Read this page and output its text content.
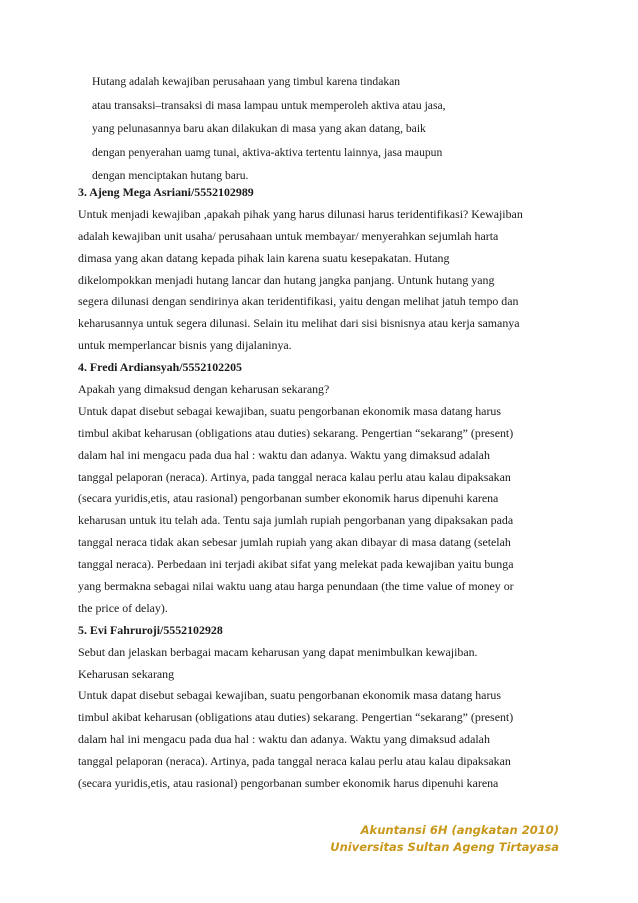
Hutang adalah kewajiban perusahaan yang timbul karena tindakan
atau transaksi–transaksi di masa lampau untuk memperoleh aktiva atau jasa,
yang pelunasannya baru akan dilakukan di masa yang akan datang, baik
dengan penyerahan uamg tunai, aktiva-aktiva tertentu lainnya, jasa maupun
dengan menciptakan hutang baru.
3. Ajeng Mega Asriani/5552102989
Untuk menjadi kewajiban ,apakah pihak yang harus dilunasi harus teridentifikasi? Kewajiban
adalah kewajiban unit usaha/ perusahaan untuk membayar/ menyerahkan sejumlah harta
dimasa yang akan datang kepada pihak lain karena suatu kesepakatan. Hutang
dikelompokkan menjadi hutang lancar dan hutang jangka panjang. Untunk hutang yang
segera dilunasi dengan sendirinya akan teridentifikasi, yaitu dengan melihat jatuh tempo dan
keharusannya untuk segera dilunasi. Selain itu melihat dari sisi bisnisnya atau kerja samanya
untuk memperlancar bisnis yang dijalaninya.
4. Fredi Ardiansyah/5552102205
Apakah yang dimaksud dengan keharusan sekarang?
Untuk dapat disebut sebagai kewajiban, suatu pengorbanan ekonomik masa datang harus
timbul akibat keharusan (obligations atau duties) sekarang. Pengertian “sekarang” (present)
dalam hal ini mengacu pada dua hal : waktu dan adanya. Waktu yang dimaksud adalah
tanggal pelaporan (neraca). Artinya, pada tanggal neraca kalau perlu atau kalau dipaksakan
(secara yuridis,etis, atau rasional) pengorbanan sumber ekonomik harus dipenuhi karena
keharusan untuk itu telah ada. Tentu saja jumlah rupiah pengorbanan yang dipaksakan pada
tanggal neraca tidak akan sebesar jumlah rupiah yang akan dibayar di masa datang (setelah
tanggal neraca). Perbedaan ini terjadi akibat sifat yang melekat pada kewajiban yaitu bunga
yang bermakna sebagai nilai waktu uang atau harga penundaan (the time value of money or
the price of delay).
5. Evi Fahruroji/5552102928
Sebut dan jelaskan berbagai macam keharusan yang dapat menimbulkan kewajiban.
Keharusan sekarang
Untuk dapat disebut sebagai kewajiban, suatu pengorbanan ekonomik masa datang harus
timbul akibat keharusan (obligations atau duties) sekarang. Pengertian “sekarang” (present)
dalam hal ini mengacu pada dua hal : waktu dan adanya. Waktu yang dimaksud adalah
tanggal pelaporan (neraca). Artinya, pada tanggal neraca kalau perlu atau kalau dipaksakan
(secara yuridis,etis, atau rasional) pengorbanan sumber ekonomik harus dipenuhi karena
Akuntansi 6H (angkatan 2010)
Universitas Sultan Ageng Tirtayasa
